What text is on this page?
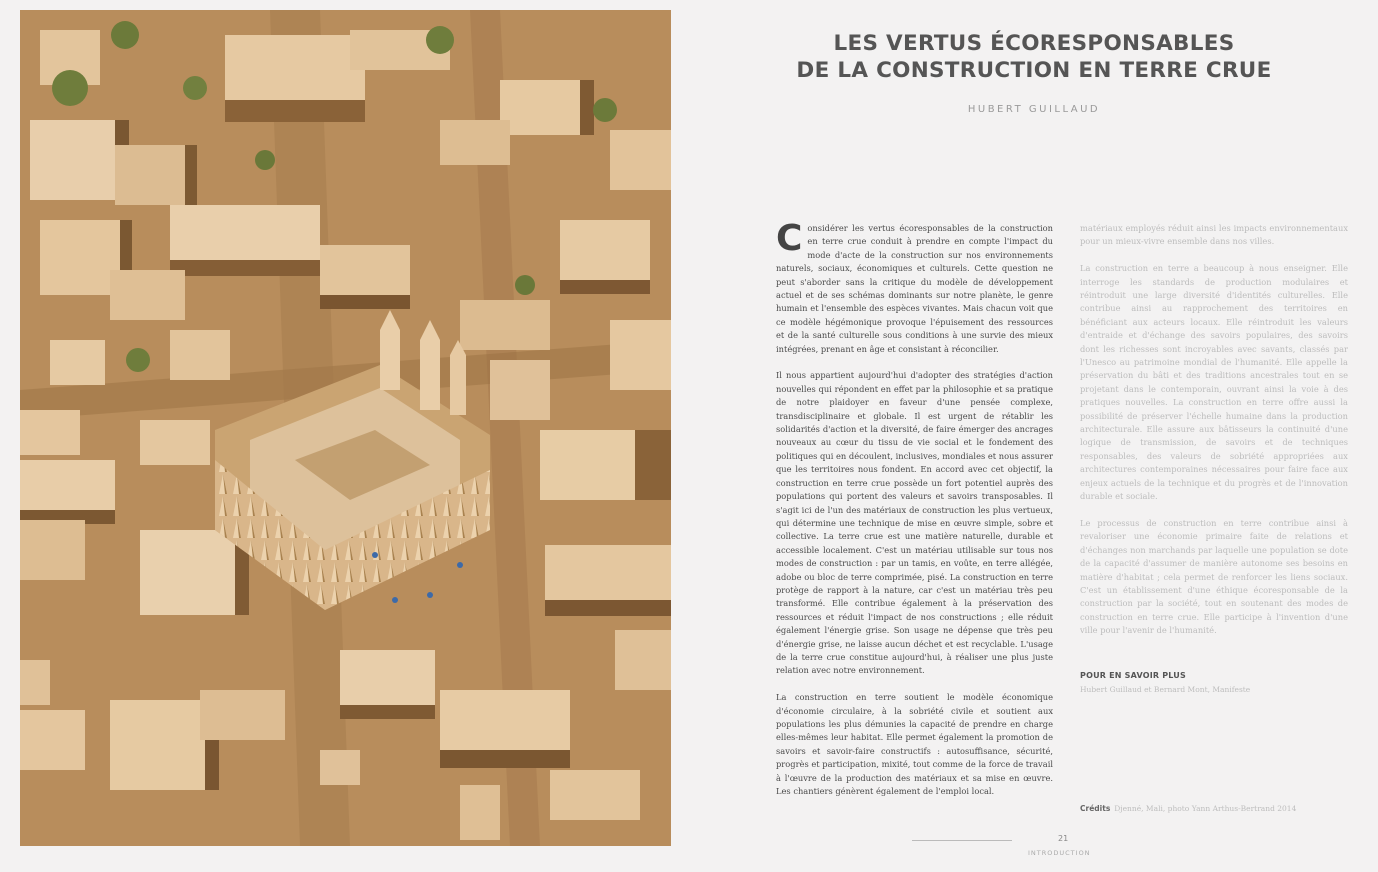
LES VERTUS ÉCORESPONSABLES
DE LA CONSTRUCTION EN TERRE CRUE
HUBERT GUILLAUD

Considérer les vertus écoresponsables de la construction en terre crue conduit à prendre en compte l'impact du mode d'acte de la construction sur nos environnements naturels, sociaux, économiques et culturels. Cette question ne peut s'aborder sans la critique du modèle de développement actuel et de ses schémas dominants sur notre planète, le genre humain et l'ensemble des espèces vivantes. Mais chacun voit que ce modèle hégémonique provoque l'épuisement des ressources et de la santé culturelle sous conditions à une survie des mieux intégrées, prenant en âge et consistant à réconcilier.

Il nous appartient aujourd'hui d'adopter des stratégies d'action nouvelles qui répondent en effet par la philosophie et sa pratique de notre plaidoyer en faveur d'une pensée complexe, transdisciplinaire et globale. Il est urgent de rétablir les solidarités d'action et la diversité, de faire émerger des ancrages nouveaux au cœur du tissu de vie social et le fondement des politiques qui en découlent, inclusives, mondiales et nous assurer que les territoires nous fondent. En accord avec cet objectif, la construction en terre crue possède un fort potentiel auprès des populations qui portent des valeurs et savoirs transposables. Il s'agit ici de l'un des matériaux de construction les plus vertueux, qui détermine une technique de mise en œuvre simple, sobre et collective. La terre crue est une matière naturelle, durable et accessible localement. C'est un matériau utilisable sur tous nos modes de construction : par un tamis, en voûte, en terre allégée, adobe ou bloc de terre comprimée, pisé. La construction en terre protège de rapport à la nature, car c'est un matériau très peu transformé. Elle contribue également à la préservation des ressources et réduit l'impact de nos constructions ; elle réduit également l'énergie grise. Son usage ne dépense que très peu d'énergie grise, ne laisse aucun déchet et est recyclable. L'usage de la terre crue constitue aujourd'hui, à réaliser une plus juste relation avec notre environnement.

La construction en terre soutient le modèle économique d'économie circulaire, à la sobriété civile et soutient aux populations les plus démunies la capacité de prendre en charge elles-mêmes leur habitat. Elle permet également la promotion de savoirs et savoir-faire constructifs : autosuffisance, sécurité, progrès et participation, mixité, tout comme de la force de travail à l'œuvre de la production des matériaux et sa mise en œuvre. Les chantiers génèrent également de l'emploi local.

matériaux employés réduit ainsi les impacts environnementaux pour un mieux-vivre ensemble dans nos villes.

La construction en terre a beaucoup à nous enseigner. Elle interroge les standards de production modulaires et réintroduit une large diversité d'identités culturelles. Elle contribue ainsi au rapprochement des territoires en bénéficiant aux acteurs locaux. Elle réintroduit les valeurs d'entraide et d'échange des savoirs populaires, des savoirs dont les richesses sont incroyables avec savants, classés par l'Unesco au patrimoine mondial de l'humanité. Elle appelle la préservation du bâti et des traditions ancestrales tout en se projetant dans le contemporain, ouvrant ainsi la voie à des pratiques nouvelles. La construction en terre offre aussi la possibilité de préserver l'échelle humaine dans la production architecturale. Elle assure aux bâtisseurs la continuité d'une logique de transmission, de savoirs et de techniques responsables, des valeurs de sobriété appropriées aux architectures contemporaines nécessaires pour faire face aux enjeux actuels de la technique et du progrès et de l'innovation durable et sociale.

Le processus de construction en terre contribue ainsi à revaloriser une économie primaire faite de relations et d'échanges non marchands par laquelle une population se dote de la capacité d'assumer de manière autonome ses besoins en matière d'habitat ; cela permet de renforcer les liens sociaux. C'est un établissement d'une éthique écoresponsable de la construction par la société, tout en soutenant des modes de construction en terre crue. Elle participe à l'invention d'une ville pour l'avenir de l'humanité.

POUR EN SAVOIR PLUS
Hubert Guillaud et Bernard Mont, Manifeste
Crédits Djenné, Mali, photo Yann Arthus-Bertrand 2014
21
INTRODUCTION
